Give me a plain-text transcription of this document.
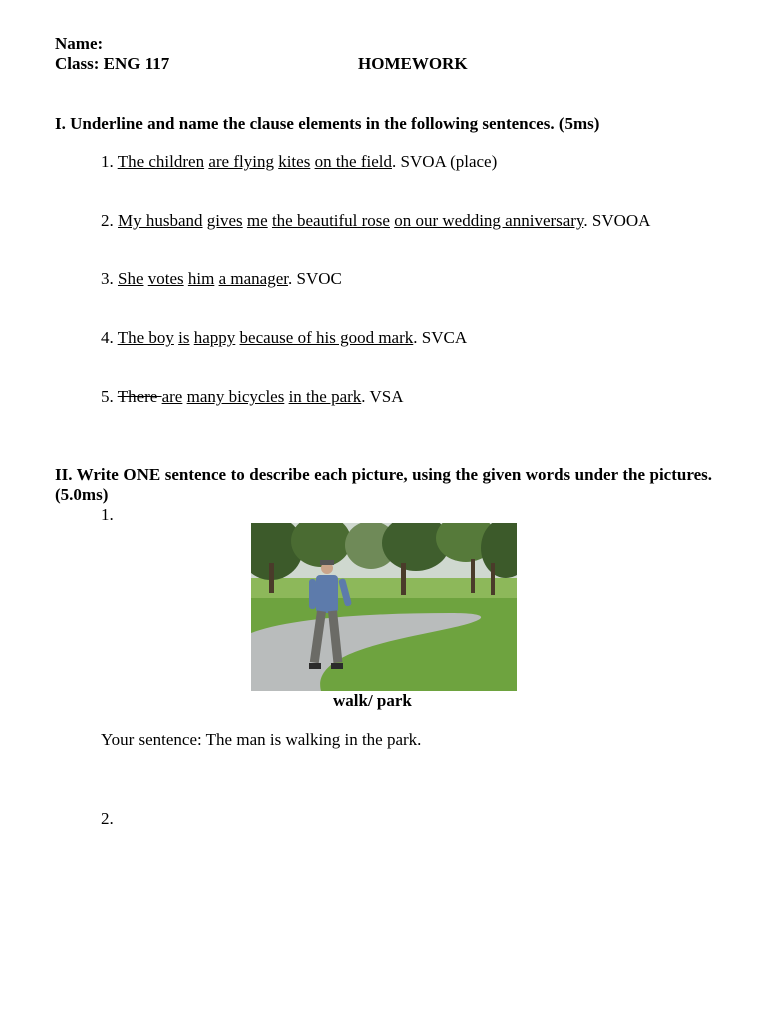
Name:
Class: ENG 117	HOMEWORK
I. Underline and name the clause elements in the following sentences. (5ms)
1. The children are flying kites on the field. SVOA (place)
2. My husband gives me the beautiful rose on our wedding anniversary. SVOOA
3. She votes him a manager. SVOC
4. The boy is happy because of his good mark. SVCA
5. There are many bicycles in the park. VSA
II. Write ONE sentence to describe each picture, using the given words under the pictures. (5.0ms)
1.
walk/ park
Your sentence: The man is walking in the park.
2.
